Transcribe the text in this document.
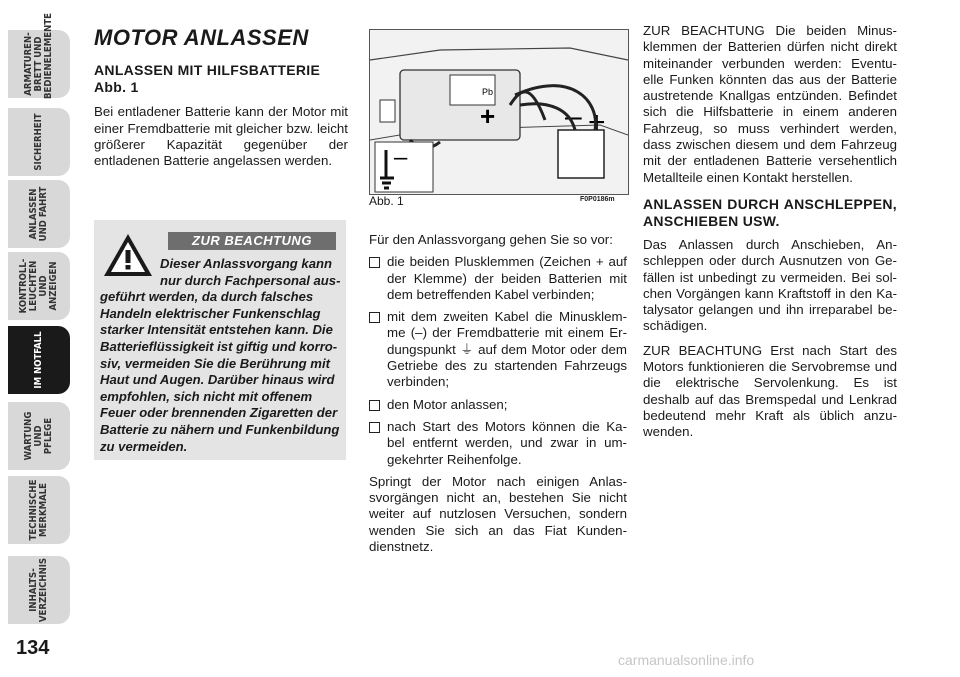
ARMATUREN-
BRETT UND
BEDIENELEMENTE
SICHERHEIT
ANLASSEN
UND FAHRT
KONTROLL-
LEUCHTEN UND
ANZEIGEN
IM NOTFALL
WARTUNG UND
PFLEGE
TECHNISCHE
MERKMALE
INHALTS-
VERZEICHNIS
134
MOTOR ANLASSEN
ANLASSEN MIT HILFSBATTERIE Abb. 1

Bei entladener Batterie kann der Motor mit einer Fremdbatterie mit gleicher bzw. leicht größerer Kapazität gegenüber der entladenen Batterie angelassen werden.

ZUR BEACHTUNG
Dieser Anlassvorgang kann nur durch Fachpersonal aus-
geführt werden, da durch falsches Handeln elektrischer Funkenschlag starker Intensität entstehen kann. Die Batterieflüssigkeit ist giftig und korro-siv, vermeiden Sie die Berührung mit Haut und Augen. Darüber hinaus wird empfohlen, sich nicht mit offenem Feuer oder brennenden Zigaretten der Batterie zu nähern und Funkenbildung zu vermeiden.
Pb
+ – +
–
Abb. 1	F0P0186m

Für den Anlassvorgang gehen Sie so vor:

die beiden Plusklemmen (Zeichen + auf der Klemme) der beiden Batterien mit dem betreffenden Kabel verbinden;
mit dem zweiten Kabel die Minusklem-me (–) der Fremdbatterie mit einem Er-dungspunkt ⏚ auf dem Motor oder dem Getriebe des zu startenden Fahrzeugs verbinden;
den Motor anlassen;
nach Start des Motors können die Ka-bel entfernt werden, und zwar in um-gekehrter Reihenfolge.

Springt der Motor nach einigen Anlas-svorgängen nicht an, bestehen Sie nicht weiter auf nutzlosen Versuchen, sondern wenden Sie sich an das Fiat Kunden-dienstnetz.

ZUR BEACHTUNG Die beiden Minus-klemmen der Batterien dürfen nicht direkt miteinander verbunden werden: Eventu-elle Funken könnten das aus der Batterie austretende Knallgas entzünden. Befindet sich die Hilfsbatterie in einem anderen Fahrzeug, so muss verhindert werden, dass zwischen diesem und dem Fahrzeug mit der entladenen Batterie versehentlich Metallteile einen Kontakt herstellen.

ANLASSEN DURCH ANSCHLEPPEN, ANSCHIEBEN USW.

Das Anlassen durch Anschieben, An-schleppen oder durch Ausnutzen von Ge-fällen ist unbedingt zu vermeiden. Bei sol-chen Vorgängen kann Kraftstoff in den Ka-talysator gelangen und ihn irreparabel be-schädigen.

ZUR BEACHTUNG Erst nach Start des Motors funktionieren die Servobremse und die elektrische Servolenkung. Es ist deshalb auf das Bremspedal und Lenkrad bedeutend mehr Kraft als üblich anzu-wenden.

carmanualsonline.info
